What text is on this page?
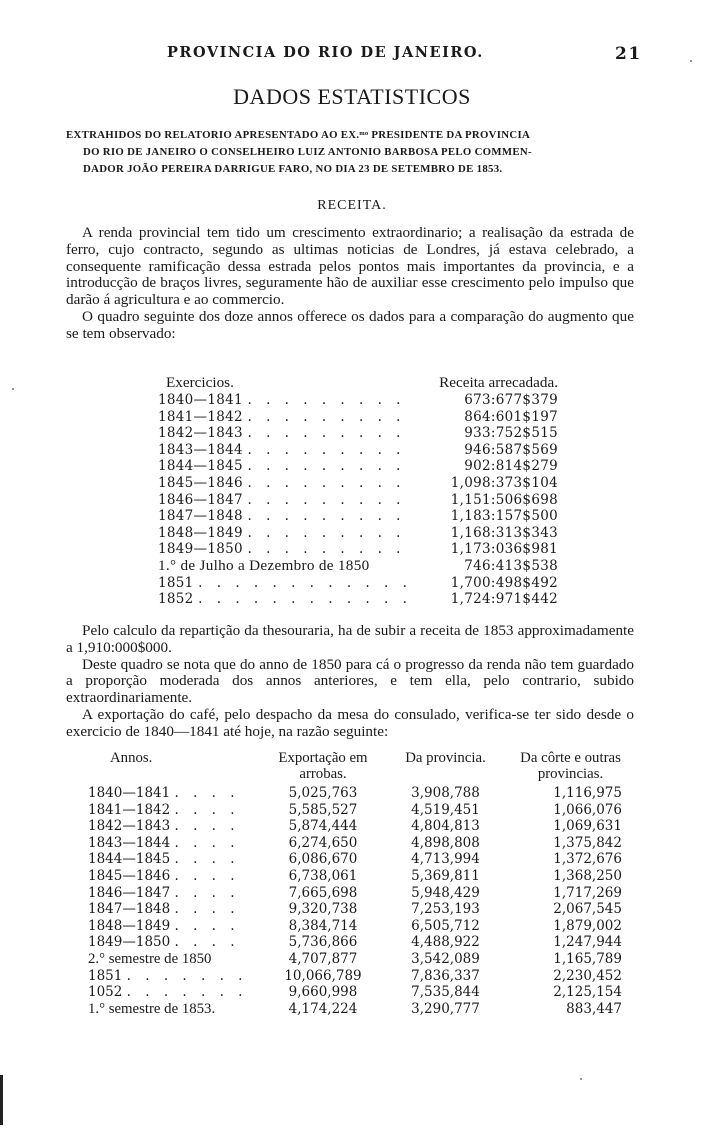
PROVINCIA DO RIO DE JANEIRO.	21
DADOS ESTATISTICOS
EXTRAHIDOS DO RELATORIO APRESENTADO AO EX.ᵐᵒ PRESIDENTE DA PROVINCIA
DO RIO DE JANEIRO O CONSELHEIRO LUIZ ANTONIO BARBOSA PELO COMMEN-
DADOR JOÃO PEREIRA DARRIGUE FARO, NO DIA 23 DE SETEMBRO DE 1853.
RECEITA.

A renda provincial tem tido um crescimento extraordinario; a realisação da estrada de ferro, cujo contracto, segundo as ultimas noticias de Londres, já estava celebrado, a consequente ramificação dessa estrada pelos pontos mais importantes da provincia, e a introducção de braços livres, seguramente hão de auxiliar esse crescimento pelo impulso que darão á agricultura e ao commercio.

O quadro seguinte dos doze annos offerece os dados para a comparação do augmento que se tem observado:

Exercicios.	Receita arrecadada.
1840—1841 . . . . . . . . .	673:677$379
1841—1842 . . . . . . . . .	864:601$197
1842—1843 . . . . . . . . .	933:752$515
1843—1844 . . . . . . . . .	946:587$569
1844—1845 . . . . . . . . .	902:814$279
1845—1846 . . . . . . . . .	1,098:373$104
1846—1847 . . . . . . . . .	1,151:506$698
1847—1848 . . . . . . . . .	1,183:157$500
1848—1849 . . . . . . . . .	1,168:313$343
1849—1850 . . . . . . . . .	1,173:036$981
1.° de Julho a Dezembro de 1850	746:413$538
1851 . . . . . . . . . . . .	1,700:498$492
1852 . . . . . . . . . . . .	1,724:971$442

Pelo calculo da repartição da thesouraria, ha de subir a receita de 1853 approximadamente a 1,910:000$000.

Deste quadro se nota que do anno de 1850 para cá o progresso da renda não tem guardado a proporção moderada dos annos anteriores, e tem ella, pelo contrario, subido extraordinariamente.

A exportação do café, pelo despacho da mesa do consulado, verifica-se ter sido desde o exercicio de 1840—1841 até hoje, na razão seguinte:

Annos.	Exportação em arrobas.	Da provincia.	Da côrte e outras provincias.
1840—1841 . . . .	5,025,763	3,908,788	1,116,975
1841—1842 . . . .	5,585,527	4,519,451	1,066,076
1842—1843 . . . .	5,874,444	4,804,813	1,069,631
1843—1844 . . . .	6,274,650	4,898,808	1,375,842
1844—1845 . . . .	6,086,670	4,713,994	1,372,676
1845—1846 . . . .	6,738,061	5,369,811	1,368,250
1846—1847 . . . .	7,665,698	5,948,429	1,717,269
1847—1848 . . . .	9,320,738	7,253,193	2,067,545
1848—1849 . . . .	8,384,714	6,505,712	1,879,002
1849—1850 . . . .	5,736,866	4,488,922	1,247,944
2.° semestre de 1850	4,707,877	3,542,089	1,165,789
1851 . . . . . . .	10,066,789	7,836,337	2,230,452
1052 . . . . . . .	9,660,998	7,535,844	2,125,154
1.° semestre de 1853.	4,174,224	3,290,777	883,447
